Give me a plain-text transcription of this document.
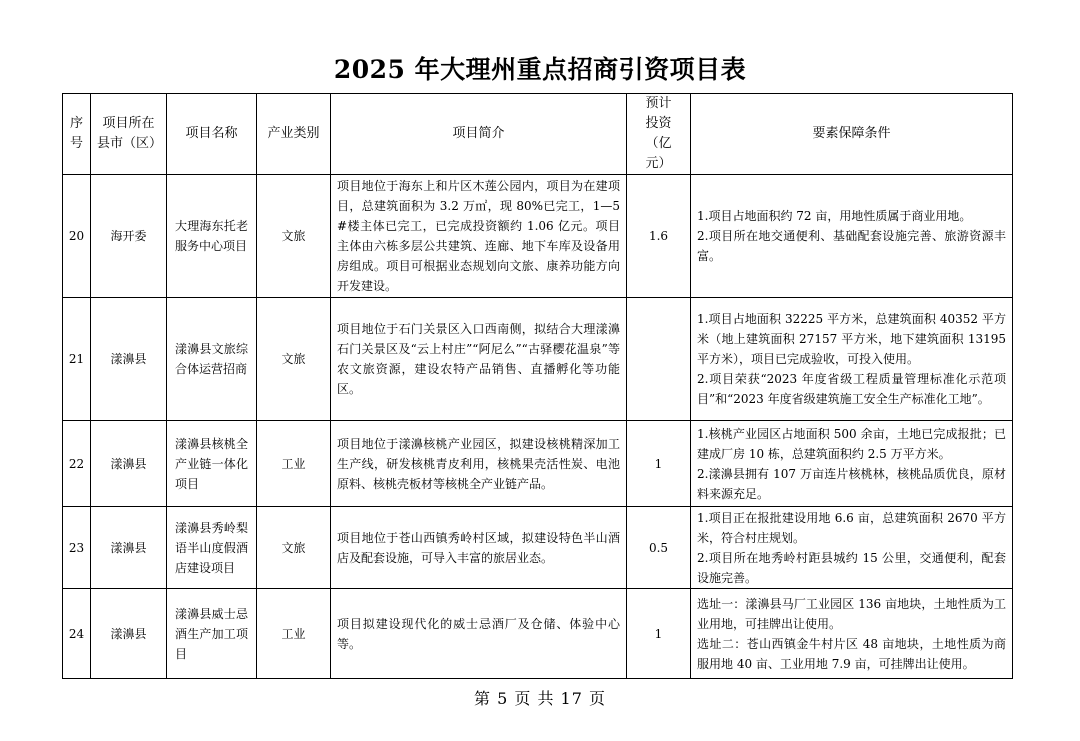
2025 年大理州重点招商引资项目表
序号	项目所在县市（区）	项目名称	产业类别	项目简介	预计投资（亿元）	要素保障条件
20	海开委	大理海东托老服务中心项目	文旅	项目地位于海东上和片区木莲公园内，项目为在建项目，总建筑面积为 3.2 万㎡，现 80%已完工，1—5#楼主体已完工，已完成投资额约 1.06 亿元。项目主体由六栋多层公共建筑、连廊、地下车库及设备用房组成。项目可根据业态规划向文旅、康养功能方向开发建设。	1.6	1.项目占地面积约 72 亩，用地性质属于商业用地。
2.项目所在地交通便利、基础配套设施完善、旅游资源丰富。

21	漾濞县	漾濞县文旅综合体运营招商	文旅	项目地位于石门关景区入口西南侧，拟结合大理漾濞石门关景区及“云上村庄”“阿尼么”“古驿樱花温泉”等农文旅资源，建设农特产品销售、直播孵化等功能区。		1.项目占地面积 32225 平方米，总建筑面积 40352 平方米（地上建筑面积 27157 平方米，地下建筑面积 13195 平方米），项目已完成验收，可投入使用。
2.项目荣获“2023 年度省级工程质量管理标准化示范项目”和“2023 年度省级建筑施工安全生产标准化工地”。

22	漾濞县	漾濞县核桃全产业链一体化项目	工业	项目地位于漾濞核桃产业园区，拟建设核桃精深加工生产线，研发核桃青皮利用，核桃果壳活性炭、电池原料、核桃壳板材等核桃全产业链产品。	1	1.核桃产业园区占地面积 500 余亩，土地已完成报批；已建成厂房 10 栋，总建筑面积约 2.5 万平方米。
2.漾濞县拥有 107 万亩连片核桃林，核桃品质优良，原材料来源充足。

23	漾濞县	漾濞县秀岭梨语半山度假酒店建设项目	文旅	项目地位于苍山西镇秀岭村区域，拟建设特色半山酒店及配套设施，可导入丰富的旅居业态。	0.5	1.项目正在报批建设用地 6.6 亩，总建筑面积 2670 平方米，符合村庄规划。
2.项目所在地秀岭村距县城约 15 公里，交通便利，配套设施完善。

24	漾濞县	漾濞县威士忌酒生产加工项目	工业	项目拟建设现代化的威士忌酒厂及仓储、体验中心等。	1	选址一：漾濞县马厂工业园区 136 亩地块，土地性质为工业用地，可挂牌出让使用。
选址二：苍山西镇金牛村片区 48 亩地块，土地性质为商服用地 40 亩、工业用地 7.9 亩，可挂牌出让使用。
第 5 页 共 17 页
